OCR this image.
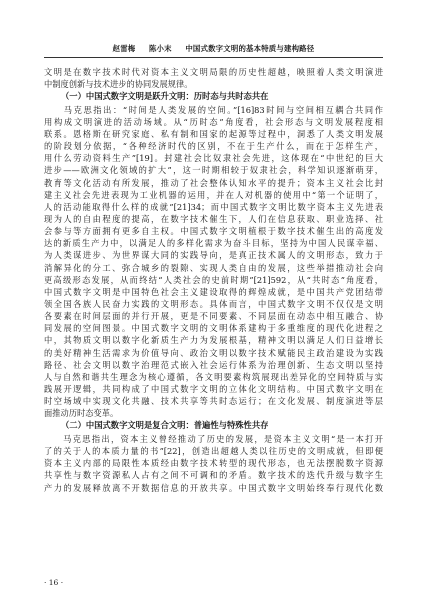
赵雷梅 陈小末 中国式数字文明的基本特质与建构路径
文明是在数字技术时代对资本主义文明局限的历史性超越，映照着人类文明演进
中制度创新与技术进步的协同发展规律。
（一）中国式数字文明是跃升文明：历时态与共时态共在
　　马克思指出：“时间是人类发展的空间。”[16]83时间与空间相互耦合共同作
用构成文明演进的活动场域。从“历时态”角度看，社会形态与文明发展程度相
联系。恩格斯在研究家庭、私有制和国家的起源等过程中，洞悉了人类文明发展
的阶段划分依据，“各种经济时代的区别，不在于生产什么，而在于怎样生产，
用什么劳动资料生产”[19]。封建社会比奴隶社会先进，这体现在“中世纪的巨大
进步——欧洲文化领域的扩大”，这一时期相较于奴隶社会，科学知识逐渐萌芽，
教育等文化活动有所发展，推动了社会整体认知水平的提升；资本主义社会比封
建主义社会先进表现为工业机器的运用，并在人对机器的使用中“第一个证明了，
人的活动能取得什么样的成就”[21]34；而中国式数字文明比数字资本主义先进表
现为人的自由程度的提高，在数字技术催生下，人们在信息获取、职业选择、社
会参与等方面拥有更多自主权。中国式数字文明植根于数字技术催生出的高度发
达的新质生产力中，以满足人的多样化需求为奋斗目标，坚持为中国人民谋幸福、
为人类谋进步、为世界谋大同的实践导向，是真正技术属人的文明形态，致力于
消解异化的分工、弥合城乡的裂隙、实现人类自由的发展，这些举措推动社会向
更高级形态发展，从而终结“人类社会的史前时期”[21]592，从“共时态”角度看，
中国式数字文明是中国特色社会主义建设取得的辉煌成就，是中国共产党团结带
领全国各族人民奋力实践的文明形态。具体而言，中国式数字文明不仅仅是文明
各要素在时间层面的并行开展，更是不同要素、不同层面在动态中相互融合、协
同发展的空间图景。中国式数字文明的文明体系建构于多重维度的现代化进程之
中，其物质文明以数字化新质生产力为发展根基，精神文明以满足人们日益增长
的美好精神生活需求为价值导向、政治文明以数字技术赋能民主政治建设为实践
路径、社会文明以数字治理范式嵌入社会运行体系为治理创新、生态文明以坚持
人与自然和谐共生理念为核心遵循，各文明要素构筑展现出差异化的空间特质与实
践展开逻辑，共同构成了中国式数字文明的立体化文明结构。中国式数字文明在
时空场域中实现文化共融、技术共享等共时态运行；在文化发展、制度演进等层
面推动历时态变革。
（二）中国式数字文明是复合文明：普遍性与特殊性共存
　　马克思指出，资本主义曾经推动了历史的发展，是资本主义文明“是一本打开
了的关于人的本质力量的书”[22]，创造出超越人类以往历史的文明成就，但即便
资本主义内部的局限性本质经由数字技术转型的现代形态，也无法摆脱数字资源
共享性与数字资源私人占有之间不可调和的矛盾。数字技术的迭代升级与数字生
产力的发展释放离不开数据信息的开放共享。中国式数字文明始终奉行现代化数
· 16 ·
